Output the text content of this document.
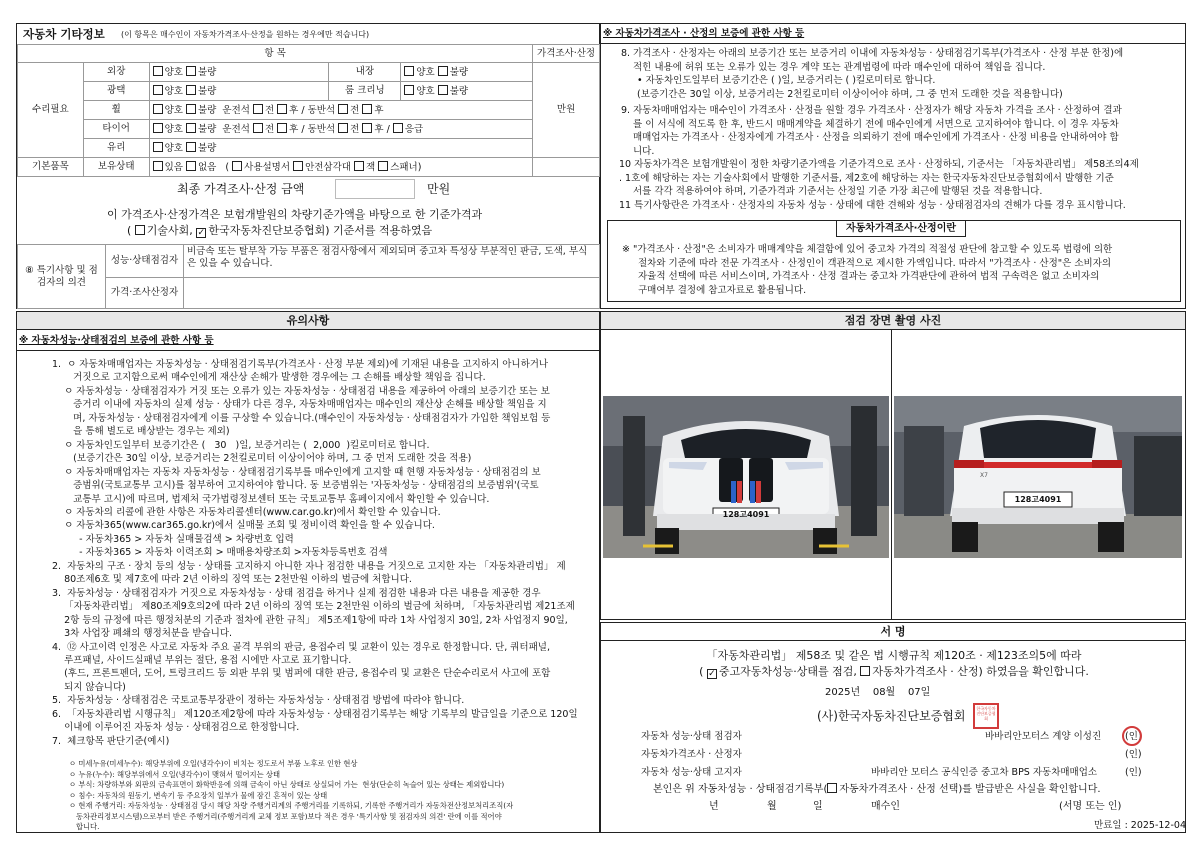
자동차 기타정보 (이 항목은 매수인이 자동차가격조사·산정을 원하는 경우에만 적습니다)
항 목					가격조사·산정
수리필요	외장	양호 불량	내장	양호 불량	만원
	광택	양호 불량	룸 크리닝	양호 불량	
	휠	양호 불량 운전석 전 후 / 동반석 전 후			
	타이어	양호 불량 운전석 전 후 / 동반석 전 후 / 응급			
	유리	양호 불량			

기본품목	보유상태	있음 없음   ( 사용설명서 안전삼각대 잭 스패너)			
최종 가격조사·산정 금액	만원
이 가격조사·산정가격은 보험개발원의 차량기준가액을 바탕으로 한 기준가격과
( 기술사회, ✓ 한국자동차진단보증협회) 기준서를 적용하였음
⑧ 특기사항 및 점검자의 의견	성능·상태점검자	비금속 또는 탈부착 가능 부품은 점검사항에서 제외되며 중고차 특성상 부분적인 판금, 도색, 부식은 있을 수 있습니다.
	가격·조사산정자	
※ 자동차가격조사 · 산정의 보증에 관한 사항 등
8. 가격조사 · 산정자는 아래의 보증기간 또는 보증거리 이내에 자동차성능 · 상태점검기록부(가격조사 · 산정 부분 한정)에
적힌 내용에 허위 또는 오류가 있는 경우 계약 또는 관계법령에 따라 매수인에 대하여 책임을 집니다.
• 자동차인도일부터 보증기간은 ( )일, 보증거리는 ( )킬로미터로 합니다.
(보증기간은 30일 이상, 보증거리는 2천킬로미터 이상이어야 하며, 그 중 먼저 도래한 것을 적용합니다)
9. 자동차매매업자는 매수인이 가격조사 · 산정을 원할 경우 가격조사 · 산정자가 해당 자동차 가격을 조사 · 산정하여 결과
를 이 서식에 적도록 한 후, 반드시 매매계약을 체결하기 전에 매수인에게 서면으로 고지하여야 합니다. 이 경우 자동차
매매업자는 가격조사 · 산정자에게 가격조사 · 산정을 의뢰하기 전에 매수인에게 가격조사 · 산정 비용을 안내하여야 합
니다.
10 자동차가격은 보험개발원이 정한 차량기준가액을 기준가격으로 조사 · 산정하되, 기준서는 「자동차관리법」 제58조의4제
. 1호에 해당하는 자는 기술사회에서 발행한 기준서를, 제2호에 해당하는 자는 한국자동차진단보증협회에서 발행한 기준
서를 각각 적용하여야 하며, 기준가격과 기준서는 산정일 기준 가장 최근에 발행된 것을 적용합니다.
11 특기사항란은 가격조사 · 산정자의 자동차 성능 · 상태에 대한 견해와 성능 · 상태점검자의 견해가 다를 경우 표시합니다.
자동차가격조사·산정이란
※ "가격조사 · 산정"은 소비자가 매매계약을 체결함에 있어 중고차 가격의 적절성 판단에 참고할 수 있도록 법령에 의한
절차와 기준에 따라 전문 가격조사 · 산정인이 객관적으로 제시한 가액입니다. 따라서 "가격조사 · 산정"은 소비자의
자율적 선택에 따른 서비스이며, 가격조사 · 산정 결과는 중고차 가격판단에 관하여 법적 구속력은 없고 소비자의
구매여부 결정에 참고자료로 활용됩니다.
유의사항
※ 자동차성능·상태점검의 보증에 관한 사항 등
1.  ㅇ 자동차매매업자는 자동차성능 · 상태점검기록부(가격조사 · 산정 부분 제외)에 기재된 내용을 고지하지 아니하거나
거짓으로 고지함으로써 매수인에게 재산상 손해가 발생한 경우에는 그 손해를 배상할 책임을 집니다.
ㅇ 자동차성능 · 상태점검자가 거짓 또는 오류가 있는 자동차성능 · 상태점검 내용을 제공하여 아래의 보증기간 또는 보
증거리 이내에 자동차의 실제 성능 · 상태가 다른 경우, 자동차매매업자는 매수인의 재산상 손해를 배상할 책임을 지
며, 자동차성능 · 상태점검자에게 이를 구상할 수 있습니다.(매수인이 자동차성능 · 상태점검자가 가입한 책임보험 등
을 통해 별도로 배상받는 경우는 제외)
ㅇ 자동차인도일부터 보증기간은 (   30   )일, 보증거리는 (  2,000  )킬로미터로 합니다.
(보증기간은 30일 이상, 보증거리는 2천킬로미터 이상이어야 하며, 그 중 먼저 도래한 것을 적용)
ㅇ 자동차매매업자는 자동차 자동차성능 · 상태점검기록부를 매수인에게 고지할 때 현행 자동차성능 · 상태점검의 보
증범위(국토교통부 고시)를 첨부하여 고지하여야 합니다. 동 보증범위는 '자동차성능 · 상태점검의 보증범위'(국토
교통부 고시)에 따르며, 법제처 국가법령정보센터 또는 국토교통부 홈페이지에서 확인할 수 있습니다.
ㅇ 자동차의 리콜에 관한 사항은 자동차리콜센터(www.car.go.kr)에서 확인할 수 있습니다.
ㅇ 자동차365(www.car365.go.kr)에서 실매물 조회 및 정비이력 확인을 할 수 있습니다.
- 자동차365 > 자동차 실매물검색 > 차량번호 입력
- 자동차365 > 자동차 이력조회 > 매매용차량조회 >자동차등록번호 검색
2.  자동차의 구조 · 장치 등의 성능 · 상태를 고지하지 아니한 자나 점검한 내용을 거짓으로 고지한 자는 「자동차관리법」 제
80조제6호 및 제7호에 따라 2년 이하의 징역 또는 2천만원 이하의 벌금에 처합니다.
3.  자동차성능 · 상태점검자가 거짓으로 자동차성능 · 상태 점검을 하거나 실제 점검한 내용과 다른 내용을 제공한 경우
「자동차관리법」 제80조제9호의2에 따라 2년 이하의 징역 또는 2천만원 이하의 벌금에 처하며, 「자동차관리법 제21조제
2항 등의 규정에 따른 행정처분의 기준과 절차에 관한 규칙」 제5조제1항에 따라 1차 사업정지 30일, 2차 사업정지 90일,
3차 사업장 폐쇄의 행정처분을 받습니다.
4.  ⑫ 사고이력 인정은 사고로 자동차 주요 골격 부위의 판금, 용접수리 및 교환이 있는 경우로 한정합니다. 단, 쿼터패널,
루프패널, 사이드실패널 부위는 절단, 용접 시에만 사고로 표기합니다.
(후드, 프론트펜더, 도어, 트렁크리드 등 외판 부위 및 범퍼에 대한 판금, 용접수리 및 교환은 단순수리로서 사고에 포함
되지 않습니다)
5.  자동차성능 · 상태점검은 국토교통부장관이 정하는 자동차성능 · 상태점검 방법에 따라야 합니다.
6.  「자동차관리법 시행규칙」 제120조제2항에 따라 자동차성능 · 상태점검기록부는 해당 기록부의 발급일을 기준으로 120일
이내에 이루어진 자동차 성능 · 상태점검으로 한정합니다.
7.  체크항목 판단기준(예시)
ㅇ 미세누유(미세누수): 해당부위에 오일(냉각수)이 비치는 정도로서 부품 노후로 인한 현상
ㅇ 누유(누수): 해당부위에서 오일(냉각수)이 맺혀서 떨어지는 상태
ㅇ 부식: 차량하부와 외판의 금속표면이 화학반응에 의해 금속이 아닌 상태로 상실되어 가는  현상(단순히 녹슬어 있는 상태는 제외합니다)
ㅇ 침수: 자동차의 원동기, 변속기 등 주요장치 일부가 물에 잠긴 흔적이 있는 상태
ㅇ 현재 주행거리: 자동차성능 · 상태점검 당시 해당 차량 주행거리계의 주행거리를 기록하되, 기록한 주행거리가 자동차전산정보처리조직(자
동차관리정보시스템)으로부터 받은 주행거리(주행거리계 교체 정보 포함)보다 적은 경우 '특기사항 및 점검자의 의견' 란에 이를 적어야
합니다.
점검 장면 촬영 사진
128고4091
X7
128고4091
서 명
「자동차관리법」 제58조 및 같은 법 시행규칙 제120조 · 제123조의5에 따라
( ✓중고자동차성능·상태를 점검, 자동차가격조사 · 산정) 하였음을 확인합니다.
2025년 08월 07일
(사)한국자동차진단보증협회
한국자동차진단보증협회
자동차 성능·상태 점검자	바바리안모터스 계양 이성진	(인)
자동차가격조사 · 산정자	(인)
자동차 성능·상태 고지자	바바리안 모터스 공식인증 중고차 BPS 자동차매매업소	(인)
본인은 위 자동차성능 · 상태점검기록부( 자동차가격조사 · 산정 선택)를 발급받은 사실을 확인합니다.
년	월	일	매수인	(서명 또는 인)
만료일 : 2025-12-04
